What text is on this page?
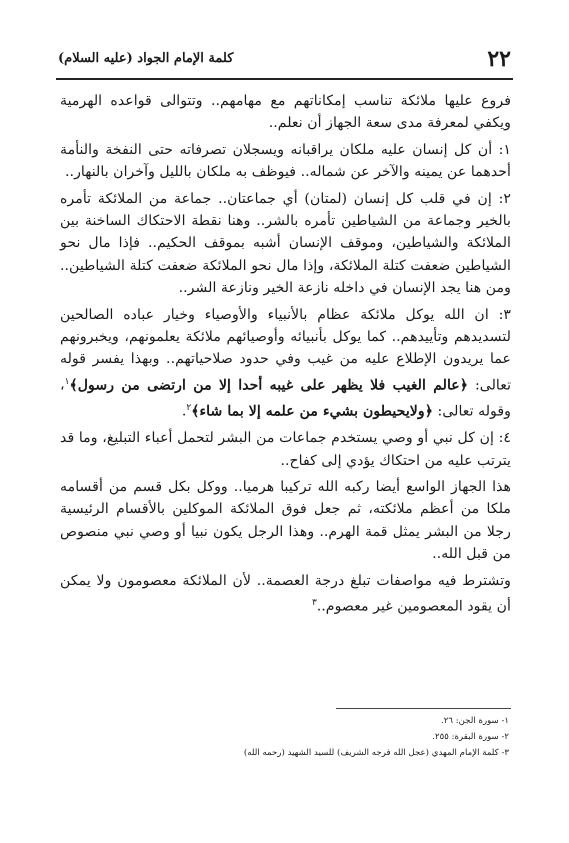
٢٢
كلمة الإمام الجواد (عليه السلام)

فروع عليها ملائكة تناسب إمكاناتهم مع مهامهم.. وتتوالى قواعده الهرمية ويكفي لمعرفة مدى سعة الجهاز أن نعلم..

١: أن كل إنسان عليه ملكان يراقبانه ويسجلان تصرفاته حتى النفخة والنأمة أحدهما عن يمينه والآخر عن شماله.. فيوظف به ملكان بالليل وآخران بالنهار..

٢: إن في قلب كل إنسان (لمتان) أي جماعتان.. جماعة من الملائكة تأمره بالخير وجماعة من الشياطين تأمره بالشر.. وهنا نقطة الاحتكاك الساخنة بين الملائكة والشياطين، وموقف الإنسان أشبه بموقف الحكيم.. فإذا مال نحو الشياطين ضعفت كتلة الملائكة، وإذا مال نحو الملائكة ضعفت كتلة الشياطين.. ومن هنا يجد الإنسان في داخله نازعة الخير ونازعة الشر..

٣: ان الله يوكل ملائكة عظام بالأنبياء والأوصياء وخيار عباده الصالحين لتسديدهم وتأييدهم.. كما يوكل بأنبيائه وأوصيائهم ملائكة يعلمونهم، ويخبرونهم عما يريدون الإطلاع عليه من غيب وفي حدود صلاحياتهم.. وبهذا يفسر قوله تعالى: ﴿عالم الغيب فلا يظهر على غيبه أحدا إلا من ارتضى من رسول﴾$^١$، وقوله تعالى: ﴿ولايحيطون بشيء من علمه إلا بما شاء﴾$^٢$.

٤: إن كل نبي أو وصي يستخدم جماعات من البشر لتحمل أعباء التبليغ، وما قد يترتب عليه من احتكاك يؤدي إلى كفاح..

هذا الجهاز الواسع أيضا ركبه الله تركيبا هرميا.. ووكل بكل قسم من أقسامه ملكا من أعظم ملائكته، ثم جعل فوق الملائكة الموكلين بالأقسام الرئيسية رجلا من البشر يمثل قمة الهرم.. وهذا الرجل يكون نبيا أو وصي نبي منصوص من قبل الله..

وتشترط فيه مواصفات تبلغ درجة العصمة.. لأن الملائكة معصومون ولا يمكن أن يقود المعصومين غير معصوم..$^٣$

١- سورة الجن: ٢٦.

٢- سورة البقرة: ٢٥٥.

٣- كلمة الإمام المهدي (عجل الله فرجه الشريف) للسيد الشهيد (رحمه الله)
